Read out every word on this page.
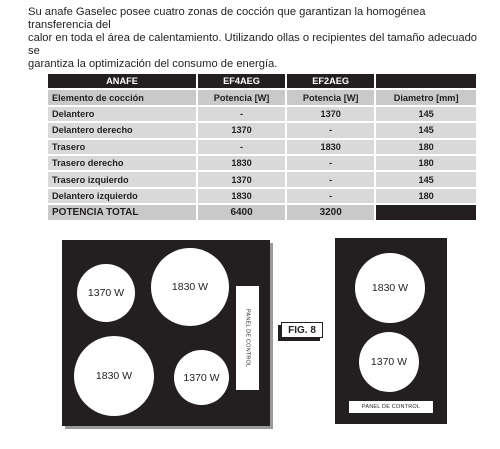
Su anafe Gaselec posee cuatro zonas de cocción que garantizan la homogénea transferencia del
calor en toda el área de calentamiento. Utilizando ollas o recipientes del tamaño adecuado se
garantiza la optimización del consumo de energía.
ANAFE	EF4AEG	EF2AEG	
Elemento de cocción	Potencia [W]	Potencia [W]	Diametro [mm]
Delantero	-	1370	145
Delantero derecho	1370	-	145
Trasero	-	1830	180
Trasero derecho	1830	-	180
Trasero izquierdo	1370	-	145
Delantero izquierdo	1830	-	180
POTENCIA TOTAL	6400	3200	
1370 W	1830 W
1830 W	1370 W
PANEL DE CONTROL	FIG. 8
1830 W
1370 W
PANEL DE CONTROL
